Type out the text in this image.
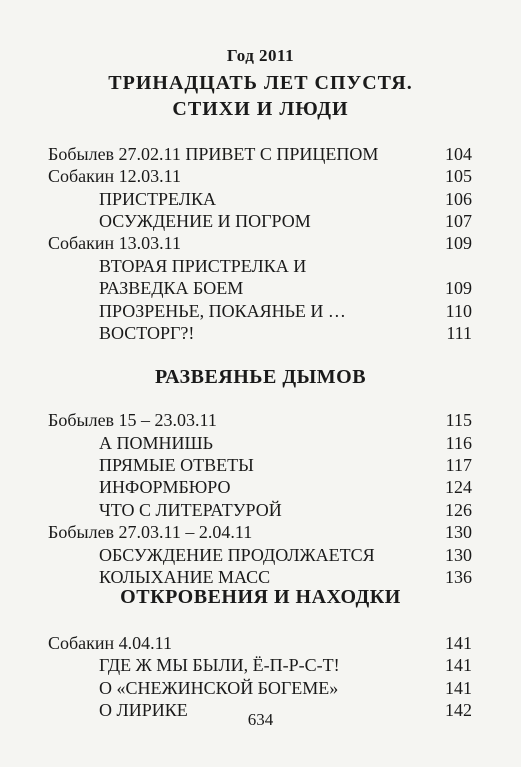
Год 2011
ТРИНАДЦАТЬ ЛЕТ СПУСТЯ.
СТИХИ И ЛЮДИ
Бобылев 27.02.11 ПРИВЕТ С ПРИЦЕПОМ	104
Собакин 12.03.11	105
ПРИСТРЕЛКА	106
ОСУЖДЕНИЕ И ПОГРОМ	107
Собакин 13.03.11	109
ВТОРАЯ ПРИСТРЕЛКА И
РАЗВЕДКА БОЕМ	109
ПРОЗРЕНЬЕ, ПОКАЯНЬЕ И …	110
ВОСТОРГ?!	111
РАЗВЕЯНЬЕ ДЫМОВ
Бобылев 15 – 23.03.11	115
А ПОМНИШЬ	116
ПРЯМЫЕ ОТВЕТЫ	117
ИНФОРМБЮРО	124
ЧТО С ЛИТЕРАТУРОЙ	126
Бобылев 27.03.11 – 2.04.11	130
ОБСУЖДЕНИЕ ПРОДОЛЖАЕТСЯ	130
КОЛЫХАНИЕ МАСС	136
ОТКРОВЕНИЯ И НАХОДКИ
Собакин 4.04.11	141
ГДЕ Ж МЫ БЫЛИ, Ё-П-Р-С-Т!	141
О «СНЕЖИНСКОЙ БОГЕМЕ»	141
О ЛИРИКЕ	142
634
